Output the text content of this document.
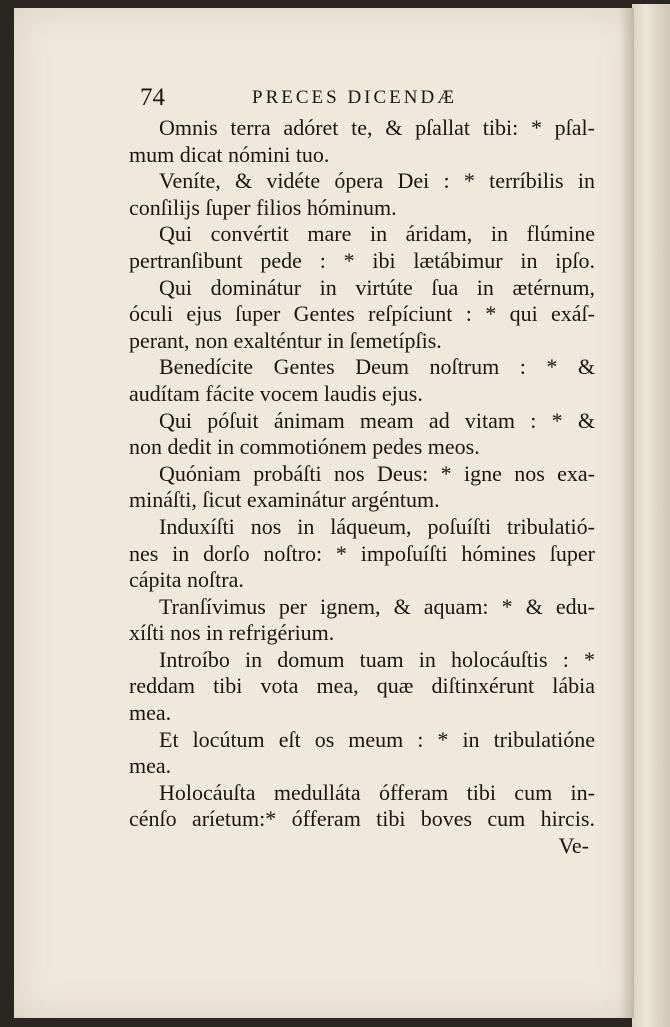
74	PRECES DICENDÆ
Omnis terra adóret te, & pſallat tibi: * pſal-
mum dicat nómini tuo.
Veníte, & vidéte ópera Dei : * terríbilis in
conſilijs ſuper filios hóminum.
Qui convértit mare in áridam, in flúmine
pertranſibunt pede : * ibi lætábimur in ipſo.
Qui dominátur in virtúte ſua in ætérnum,
óculi ejus ſuper Gentes reſpíciunt : * qui exáſ-
perant, non exalténtur in ſemetípſis.
Benedícite Gentes Deum noſtrum : * &
audítam fácite vocem laudis ejus.
Qui póſuit ánimam meam ad vitam : * &
non dedit in commotiónem pedes meos.
Quóniam probáſti nos Deus: * igne nos exa-
mináſti, ſicut examinátur argéntum.
Induxíſti nos in láqueum, poſuíſti tribulatió-
nes in dorſo noſtro: * impoſuíſti hómines ſuper
cápita noſtra.
Tranſívimus per ignem, & aquam: * & edu-
xíſti nos in refrigérium.
Introíbo in domum tuam in holocáuſtis : *
reddam tibi vota mea, quæ diſtinxérunt lábia
mea.
Et locútum eſt os meum : * in tribulatióne
mea.
Holocáuſta medulláta ófferam tibi cum in-
cénſo aríetum:* ófferam tibi boves cum hircis.
Ve-
